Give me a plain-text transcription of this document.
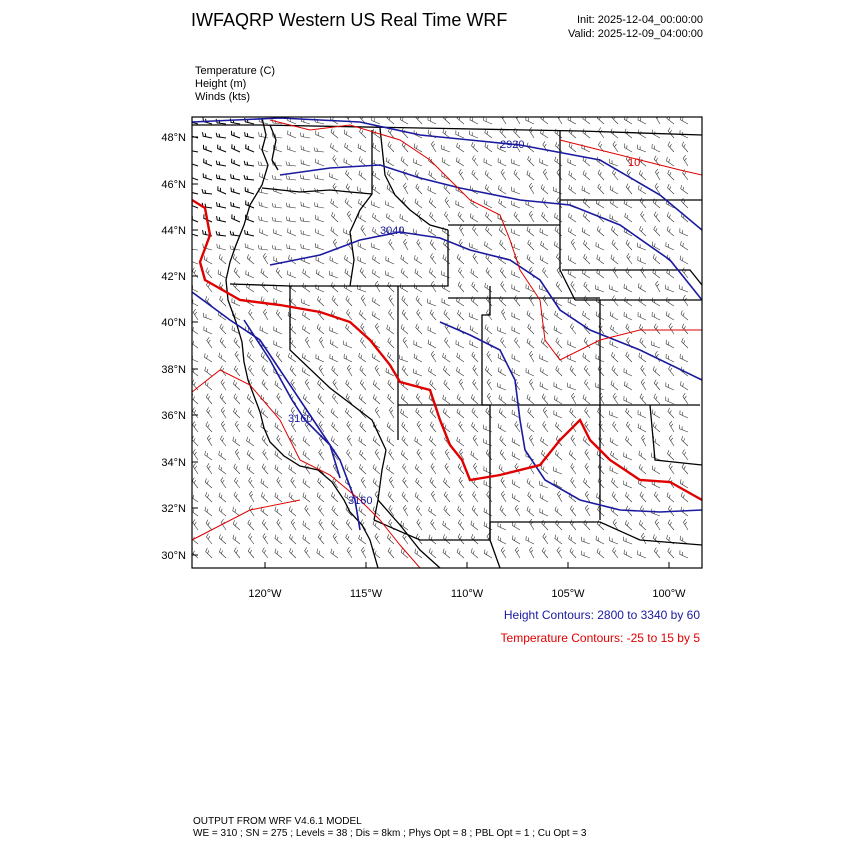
IWFAQRP Western US Real Time WRF	Init: 2025-12-04_00:00:00
Valid: 2025-12-09_04:00:00
Temperature (C)
Height (m)
Winds (kts)
2920
3040
3160
3160
10
48°N
46°N
44°N
42°N
40°N
38°N
36°N
34°N
32°N
30°N
120°W	115°W	110°W	105°W	100°W
Height Contours: 2800 to 3340 by 60
Temperature Contours: -25 to 15 by 5
OUTPUT FROM WRF V4.6.1 MODEL
WE = 310 ; SN = 275 ; Levels = 38 ; Dis = 8km ; Phys Opt = 8 ; PBL Opt = 1 ; Cu Opt = 3
